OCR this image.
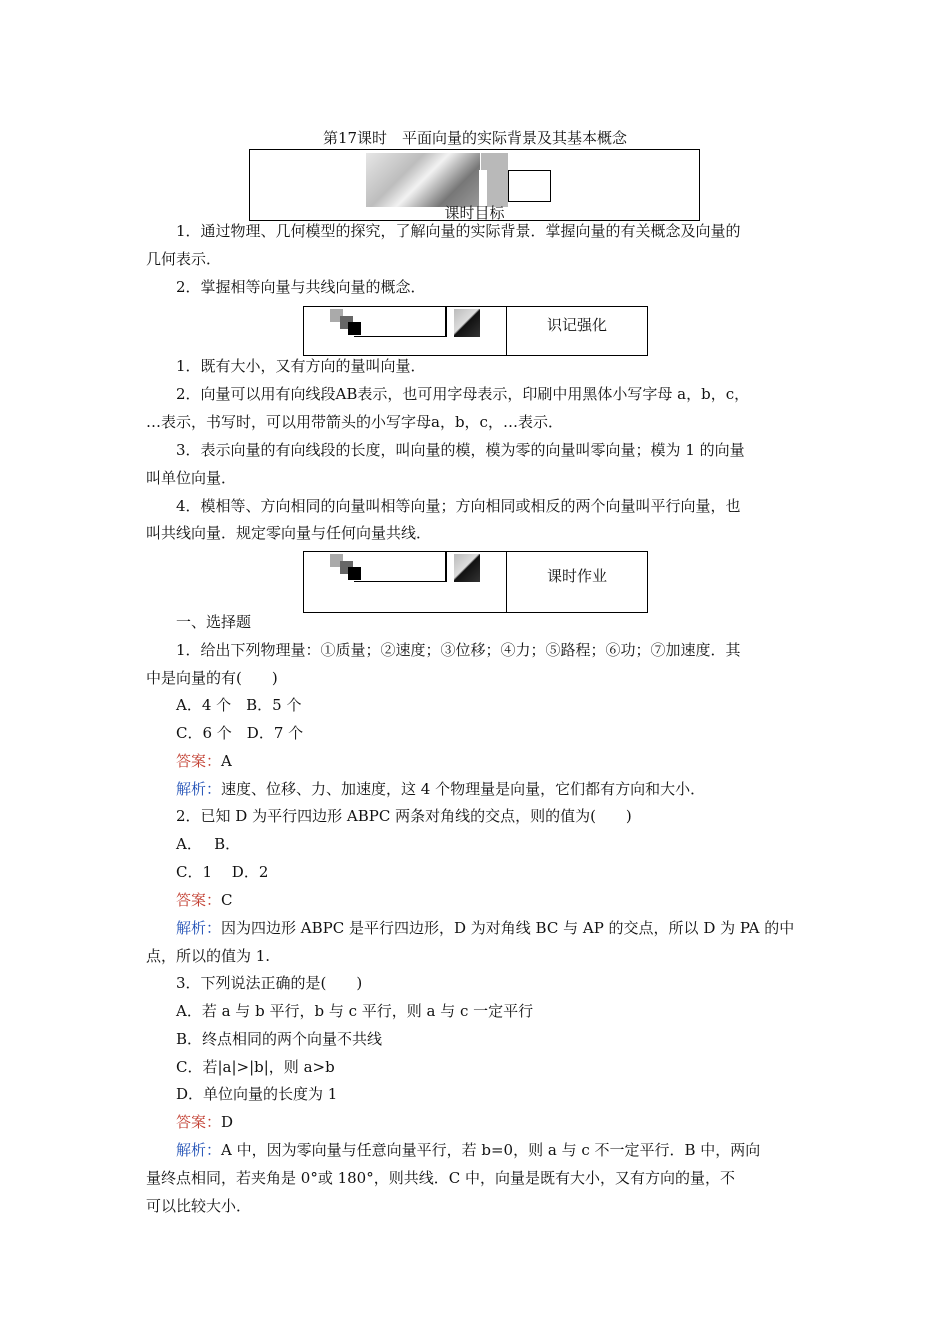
第17课时　平面向量的实际背景及其基本概念
课时目标
1．通过物理、几何模型的探究，了解向量的实际背景．掌握向量的有关概念及向量的
几何表示．
2．掌握相等向量与共线向量的概念．
识记强化
1．既有大小，又有方向的量叫向量．
2．向量可以用有向线段AB表示，也可用字母表示，印刷中用黑体小写字母 a，b，c，
…表示，书写时，可以用带箭头的小写字母a，b，c，…表示．
3．表示向量的有向线段的长度，叫向量的模，模为零的向量叫零向量；模为 1 的向量
叫单位向量．
4．模相等、方向相同的向量叫相等向量；方向相同或相反的两个向量叫平行向量，也
叫共线向量．规定零向量与任何向量共线．
课时作业
一、选择题
1．给出下列物理量：①质量；②速度；③位移；④力；⑤路程；⑥功；⑦加速度．其
中是向量的有(　　)
A．4 个　B．5 个
C．6 个　D．7 个
答案：A
解析：速度、位移、力、加速度，这 4 个物理量是向量，它们都有方向和大小．
2．已知 D 为平行四边形 ABPC 两条对角线的交点，则的值为(　　)
A．　 B．
C．1　 D．2
答案：C
解析：因为四边形 ABPC 是平行四边形，D 为对角线 BC 与 AP 的交点，所以 D 为 PA 的中
点，所以的值为 1.
3．下列说法正确的是(　　)
A．若 a 与 b 平行，b 与 c 平行，则 a 与 c 一定平行
B．终点相同的两个向量不共线
C．若|a|>|b|，则 a>b
D．单位向量的长度为 1
答案：D
解析：A 中，因为零向量与任意向量平行，若 b=0，则 a 与 c 不一定平行．B 中，两向
量终点相同，若夹角是 0°或 180°，则共线．C 中，向量是既有大小，又有方向的量，不
可以比较大小．
